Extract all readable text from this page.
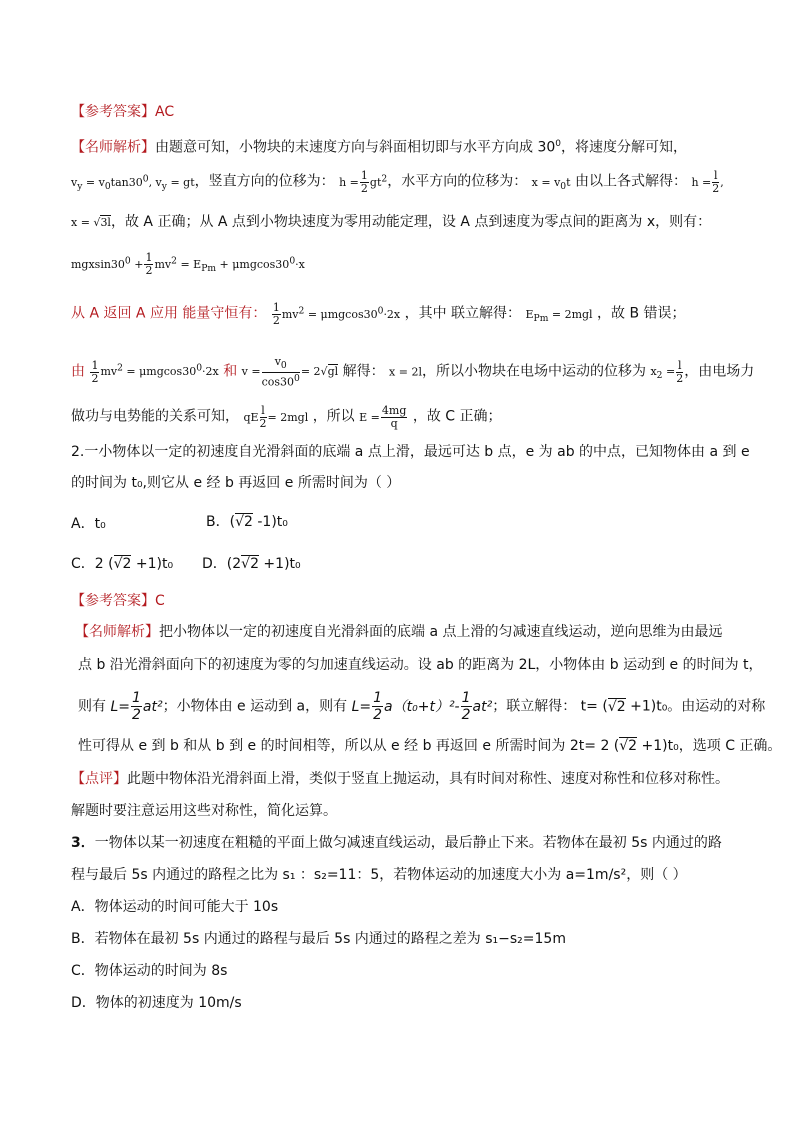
【参考答案】AC
【名师解析】由题意可知，小物块的末速度方向与斜面相切即与水平方向成 $30^0$，将速度分解可知，
$v_y = v_0\tan 30^0$, $v_y$ = gt，竖直方向的位移为： $h = \frac{1}{2} gt^2$，水平方向的位移为： $x = v_0t$ 由以上各式解得： $h = \frac{l}{2}$ ,
x = √3l，故 A 正确；从 A 点到小物块速度为零用动能定理，设 A 点到速度为零点间的距离为 x，则有：
$mgxsin30^0 + \frac{1}{2} mv^2 = E_{Pm} + \mu mgcos30^0\cdot x$
从 A 返回 A 应用 能量守恒有： $\frac{1}{2} mv^2 = \mu mgcos30^0\cdot 2x$ ，其中 联立解得： $E_{Pm} = 2mgl$ ，故 B 错误；
由 $\frac{1}{2} mv^2 = \mu mgcos30^0\cdot 2x$ 和 $v = \frac{v_0}{\cos 30^0} = 2√gl$ 解得： x = 2l，所以小物块在电场中运动的位移为 $x_2 = \frac{l}{2}$ ，由电场力
做功与电势能的关系可知， qE $\frac{l}{2} = 2mgl$ ，所以 $E = \frac{4mg}{q}$ ，故 C 正确；
2.一小物体以一定的初速度自光滑斜面的底端 a 点上滑，最远可达 b 点，e 为 ab 的中点，已知物体由 a 到 e
的时间为 t₀,则它从 e 经 b 再返回 e 所需时间为（ ）
A．t₀	B．(√2 -1)t₀
C．2 (√2 +1)t₀ D．(2√2 +1)t₀
【参考答案】C
【名师解析】把小物体以一定的初速度自光滑斜面的底端 a 点上滑的匀减速直线运动，逆向思维为由最远
点 b 沿光滑斜面向下的初速度为零的匀加速直线运动。设 ab 的距离为 2L，小物体由 b 运动到 e 的时间为 t，
则有 $L= \frac{1}{2} at^2$；小物体由 e 运动到 a，则有 $L= \frac{1}{2} a(t_0+t)^2- \frac{1}{2} at^2$；联立解得： t= (√2 +1)t₀。由运动的对称
性可得从 e 到 b 和从 b 到 e 的时间相等，所以从 e 经 b 再返回 e 所需时间为 2t= 2 (√2 +1)t₀，选项 C 正确。
【点评】此题中物体沿光滑斜面上滑，类似于竖直上抛运动，具有时间对称性、速度对称性和位移对称性。
解题时要注意运用这些对称性，简化运算。
3．一物体以某一初速度在粗糙的平面上做匀减速直线运动，最后静止下来。若物体在最初 5s 内通过的路
程与最后 5s 内通过的路程之比为 s₁ ：s₂=11：5，若物体运动的加速度大小为 a=1m/s²，则（ ）
A．物体运动的时间可能大于 10s
B．若物体在最初 5s 内通过的路程与最后 5s 内通过的路程之差为 s₁−s₂=15m
C．物体运动的时间为 8s
D．物体的初速度为 10m/s
